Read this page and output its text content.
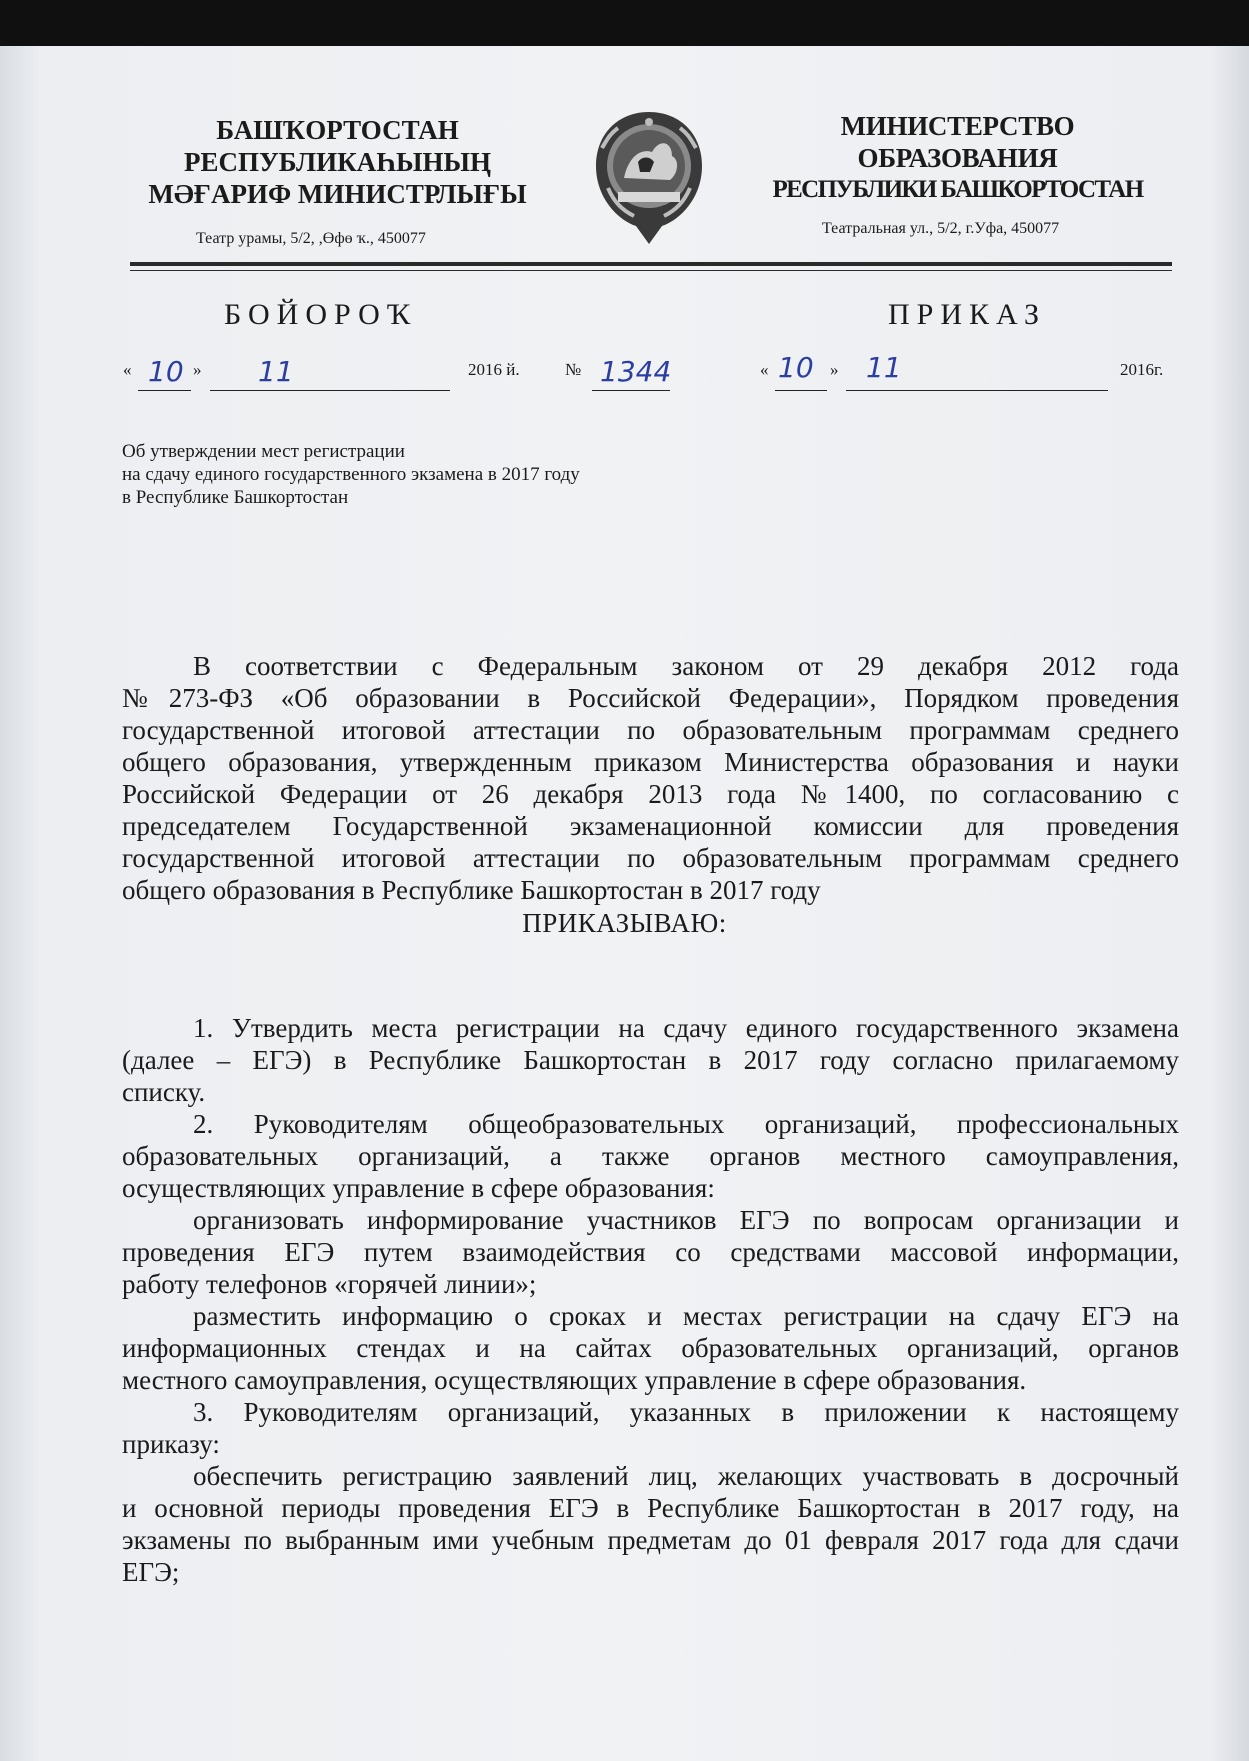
БАШҠОРТОСТАН
РЕСПУБЛИКАҺЫНЫҢ
МӘҒАРИФ МИНИСТРЛЫҒЫ
Театр урамы, 5/2, ,Өфө ҡ., 450077
МИНИСТЕРСТВО
ОБРАЗОВАНИЯ
РЕСПУБЛИКИ БАШКОРТОСТАН
Театральная ул., 5/2, г.Уфа, 450077
БОЙОРОҠ	ПРИКАЗ
« 10 » 11	2016 й.	№ 1344	« 10 » 11	2016г.
Об утверждении мест регистрации
на сдачу единого государственного экзамена в 2017 году
в Республике Башкортостан
В соответствии с Федеральным законом от 29 декабря 2012 года
№273-ФЗ «Об образовании в Российской Федерации», Порядком проведения
государственной итоговой аттестации по образовательным программам среднего
общего образования, утвержденным приказом Министерства образования и науки
Российской Федерации от 26 декабря 2013 года №1400, по согласованию с
председателем Государственной экзаменационной комиссии для проведения
государственной итоговой аттестации по образовательным программам среднего
общего образования в Республике Башкортостан в 2017 году
ПРИКАЗЫВАЮ:
1. Утвердить места регистрации на сдачу единого государственного экзамена
(далее – ЕГЭ) в Республике Башкортостан в 2017 году согласно прилагаемому
списку.
2. Руководителям общеобразовательных организаций, профессиональных
образовательных организаций, а также органов местного самоуправления,
осуществляющих управление в сфере образования:
организовать информирование участников ЕГЭ по вопросам организации и
проведения ЕГЭ путем взаимодействия со средствами массовой информации,
работу телефонов «горячей линии»;
разместить информацию о сроках и местах регистрации на сдачу ЕГЭ на
информационных стендах и на сайтах образовательных организаций, органов
местного самоуправления, осуществляющих управление в сфере образования.
3. Руководителям организаций, указанных в приложении к настоящему
приказу:
обеспечить регистрацию заявлений лиц, желающих участвовать в досрочный
и основной периоды проведения ЕГЭ в Республике Башкортостан в 2017 году, на
экзамены по выбранным ими учебным предметам до 01 февраля 2017 года для сдачи
ЕГЭ;
